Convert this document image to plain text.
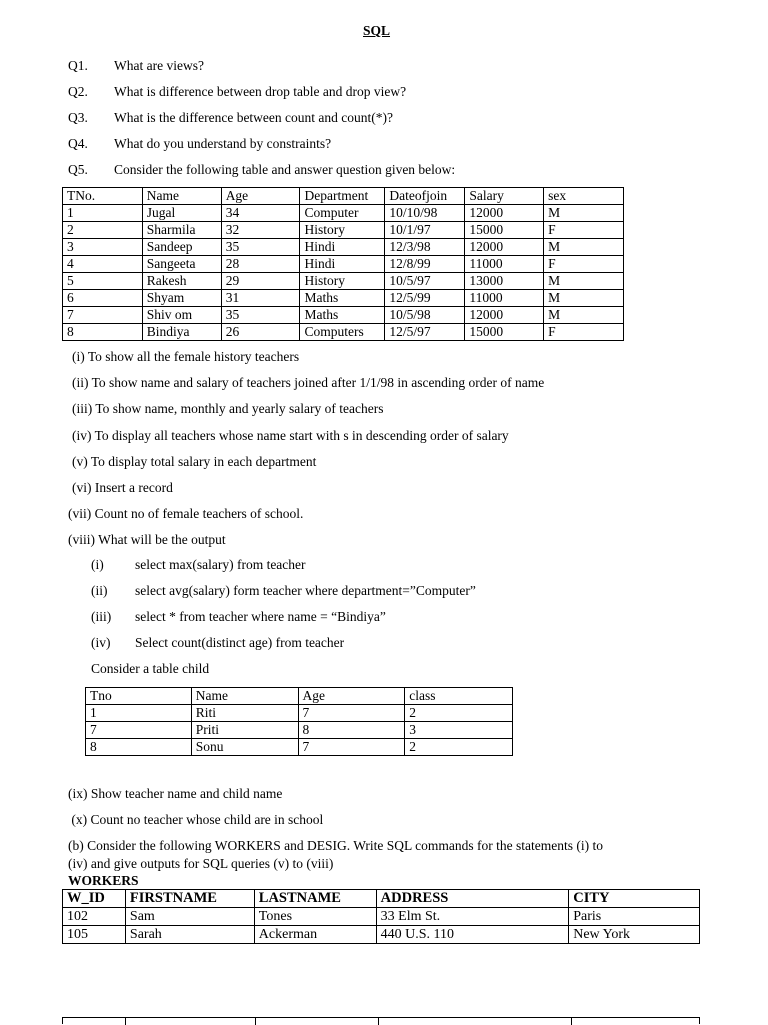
SQL
Q1. What are views?
Q2. What is difference between drop table and drop view?
Q3. What is the difference between count and count(*)?
Q4. What do you understand by constraints?
Q5. Consider the following table and answer question given below:
TNo.	Name	Age	Department	Dateofjoin	Salary	sex
1	Jugal	34	Computer	10/10/98	12000	M
2	Sharmila	32	History	10/1/97	15000	F
3	Sandeep	35	Hindi	12/3/98	12000	M
4	Sangeeta	28	Hindi	12/8/99	11000	F
5	Rakesh	29	History	10/5/97	13000	M
6	Shyam	31	Maths	12/5/99	11000	M
7	Shiv om	35	Maths	10/5/98	12000	M
8	Bindiya	26	Computers	12/5/97	15000	F
(i) To show all the female history teachers
(ii) To show name and salary of teachers joined after 1/1/98 in ascending order of name
(iii) To show name, monthly and yearly salary of teachers
(iv) To display all teachers whose name start with s in descending order of salary
(v) To display total salary in each department
(vi) Insert a record
(vii) Count no of female teachers of school.
(viii) What will be the output
(i) select max(salary) from teacher
(ii) select avg(salary) form teacher where department=”Computer”
(iii) select * from teacher where name = “Bindiya”
(iv) Select count(distinct age) from teacher
Consider a table child
Tno	Name	Age	class
1	Riti	7	2
7	Priti	8	3
8	Sonu	7	2
(ix) Show teacher name and child name
(x) Count no teacher whose child are in school
(b) Consider the following WORKERS and DESIG. Write SQL commands for the statements (i) to
(iv) and give outputs for SQL queries (v) to (viii)
WORKERS
W_ID	FIRSTNAME	LASTNAME	ADDRESS	CITY
102	Sam	Tones	33 Elm St.	Paris
105	Sarah	Ackerman	440 U.S. 110	New York
